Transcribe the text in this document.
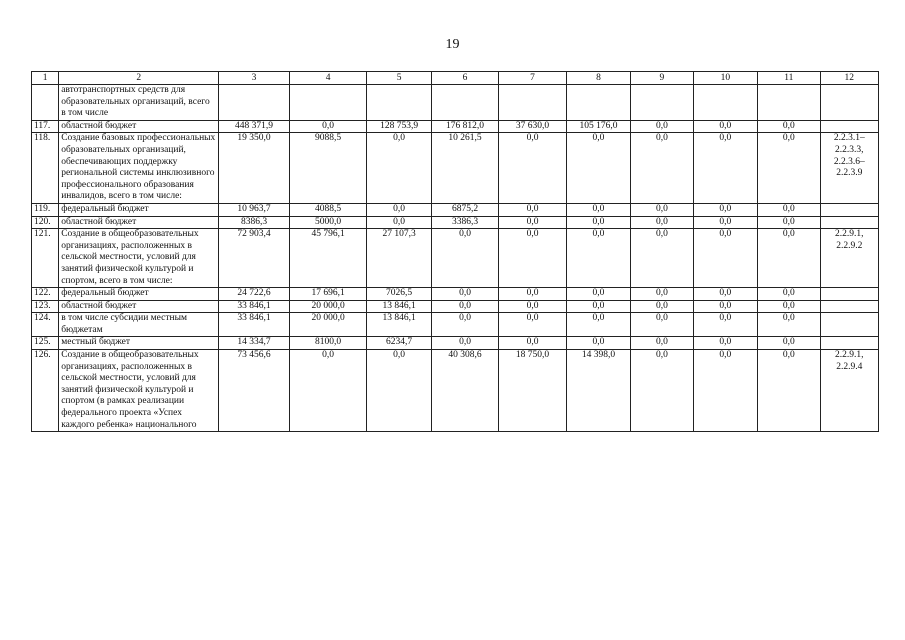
19
1	2	3	4	5	6	7	8	9	10	11	12
	автотранспортных средств для образовательных организаций, всего в том числе										
117.	областной бюджет	448 371,9	0,0	128 753,9	176 812,0	37 630,0	105 176,0	0,0	0,0	0,0	
118.	Создание базовых профессиональных образовательных организаций, обеспечивающих поддержку региональной системы инклюзивного профессионального образования инвалидов, всего в том числе:	19 350,0	9088,5	0,0	10 261,5	0,0	0,0	0,0	0,0	0,0	2.2.3.1– 2.2.3.3, 2.2.3.6– 2.2.3.9
119.	федеральный бюджет	10 963,7	4088,5	0,0	6875,2	0,0	0,0	0,0	0,0	0,0	
120.	областной бюджет	8386,3	5000,0	0,0	3386,3	0,0	0,0	0,0	0,0	0,0	
121.	Создание в общеобразовательных организациях, расположенных в сельской местности, условий для занятий физической культурой и спортом, всего в том числе:	72 903,4	45 796,1	27 107,3	0,0	0,0	0,0	0,0	0,0	0,0	2.2.9.1, 2.2.9.2
122.	федеральный бюджет	24 722,6	17 696,1	7026,5	0,0	0,0	0,0	0,0	0,0	0,0	
123.	областной бюджет	33 846,1	20 000,0	13 846,1	0,0	0,0	0,0	0,0	0,0	0,0	
124.	в том числе субсидии местным бюджетам	33 846,1	20 000,0	13 846,1	0,0	0,0	0,0	0,0	0,0	0,0	
125.	местный бюджет	14 334,7	8100,0	6234,7	0,0	0,0	0,0	0,0	0,0	0,0	
126.	Создание в общеобразовательных организациях, расположенных в сельской местности, условий для занятий физической культурой и спортом (в рамках реализации федерального проекта «Успех каждого ребенка» национального	73 456,6	0,0	0,0	40 308,6	18 750,0	14 398,0	0,0	0,0	0,0	2.2.9.1, 2.2.9.4
